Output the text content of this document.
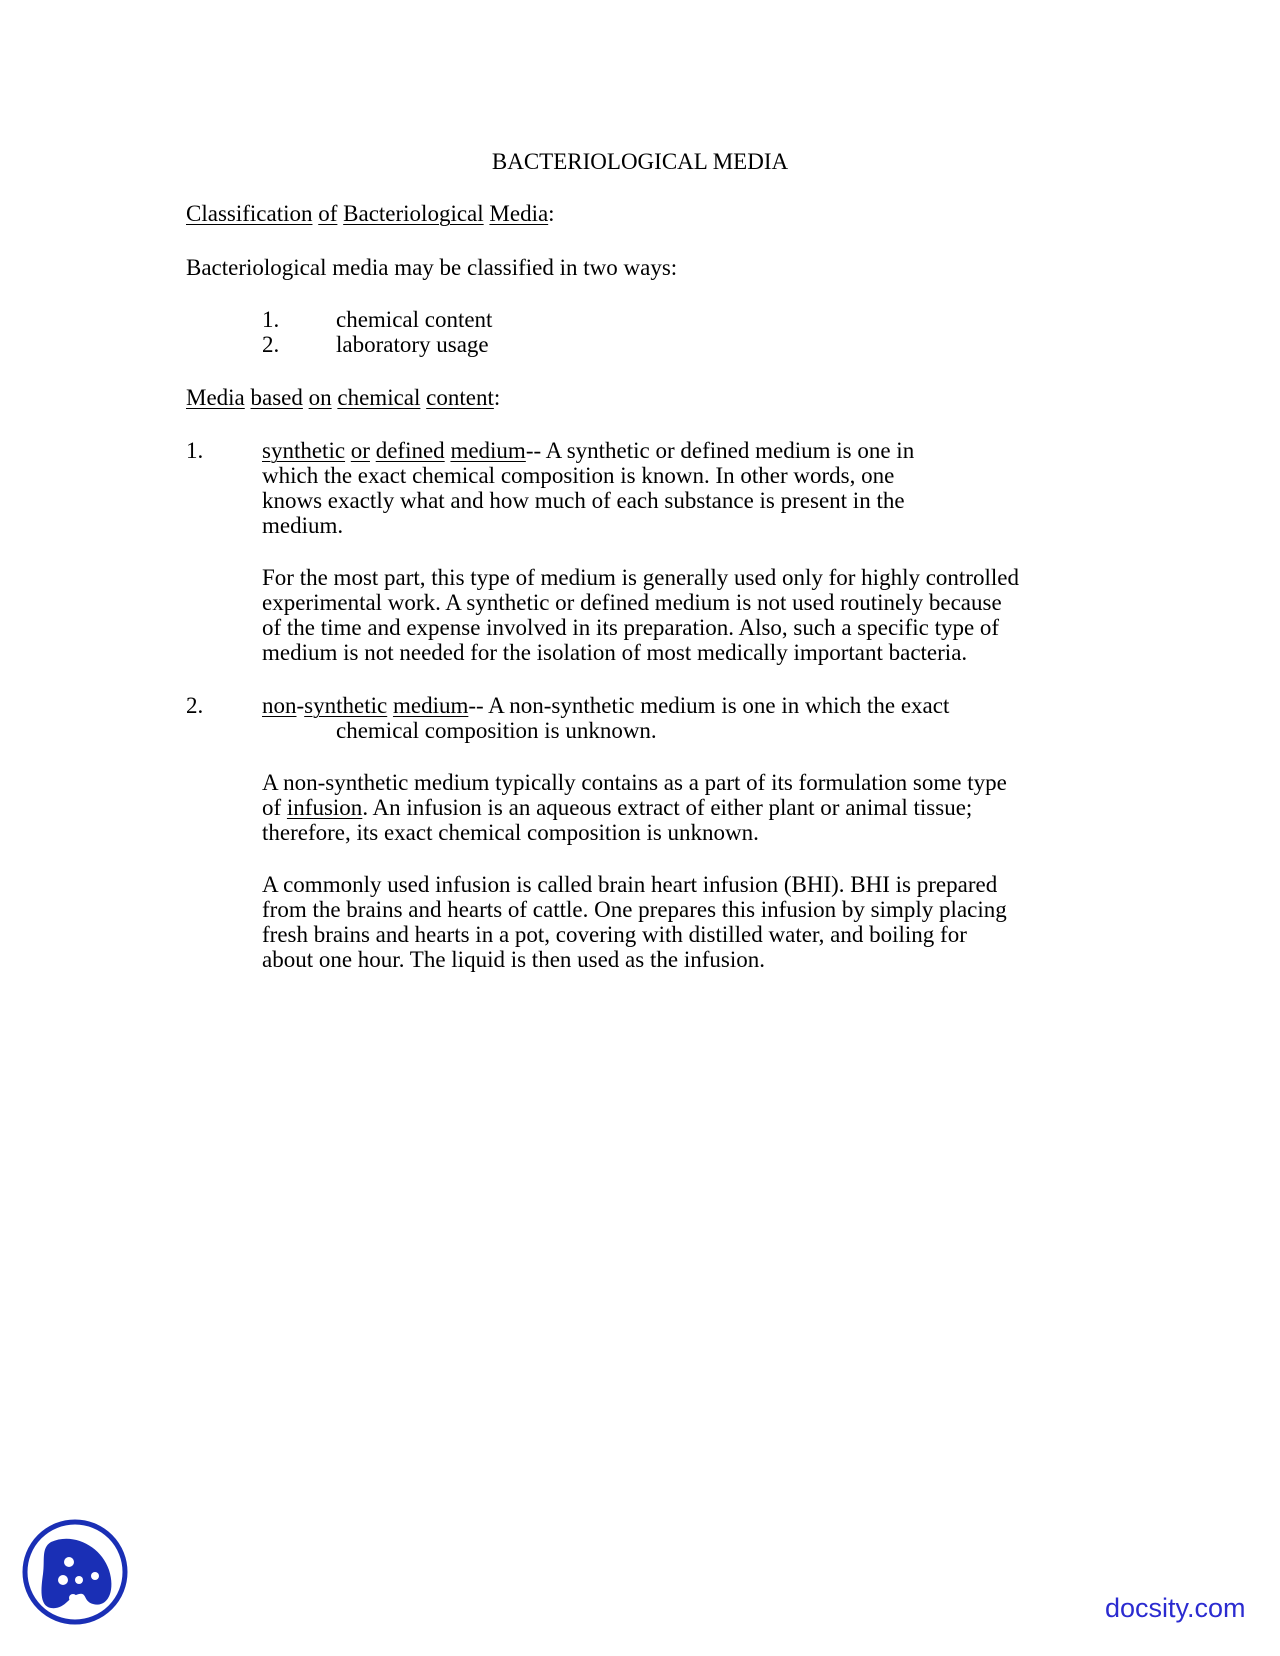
BACTERIOLOGICAL MEDIA
Classification of Bacteriological Media:
Bacteriological media may be classified in two ways:
1. chemical content
2. laboratory usage
Media based on chemical content:
1.	synthetic or defined medium-- A synthetic or defined medium is one in
which the exact chemical composition is known. In other words, one
knows exactly what and how much of each substance is present in the
medium.
For the most part, this type of medium is generally used only for highly controlled
experimental work. A synthetic or defined medium is not used routinely because
of the time and expense involved in its preparation. Also, such a specific type of
medium is not needed for the isolation of most medically important bacteria.
2.	non-synthetic medium-- A non-synthetic medium is one in which the exact
chemical composition is unknown.
A non-synthetic medium typically contains as a part of its formulation some type
of infusion. An infusion is an aqueous extract of either plant or animal tissue;
therefore, its exact chemical composition is unknown.
A commonly used infusion is called brain heart infusion (BHI). BHI is prepared
from the brains and hearts of cattle. One prepares this infusion by simply placing
fresh brains and hearts in a pot, covering with distilled water, and boiling for
about one hour. The liquid is then used as the infusion.
docsity.com
